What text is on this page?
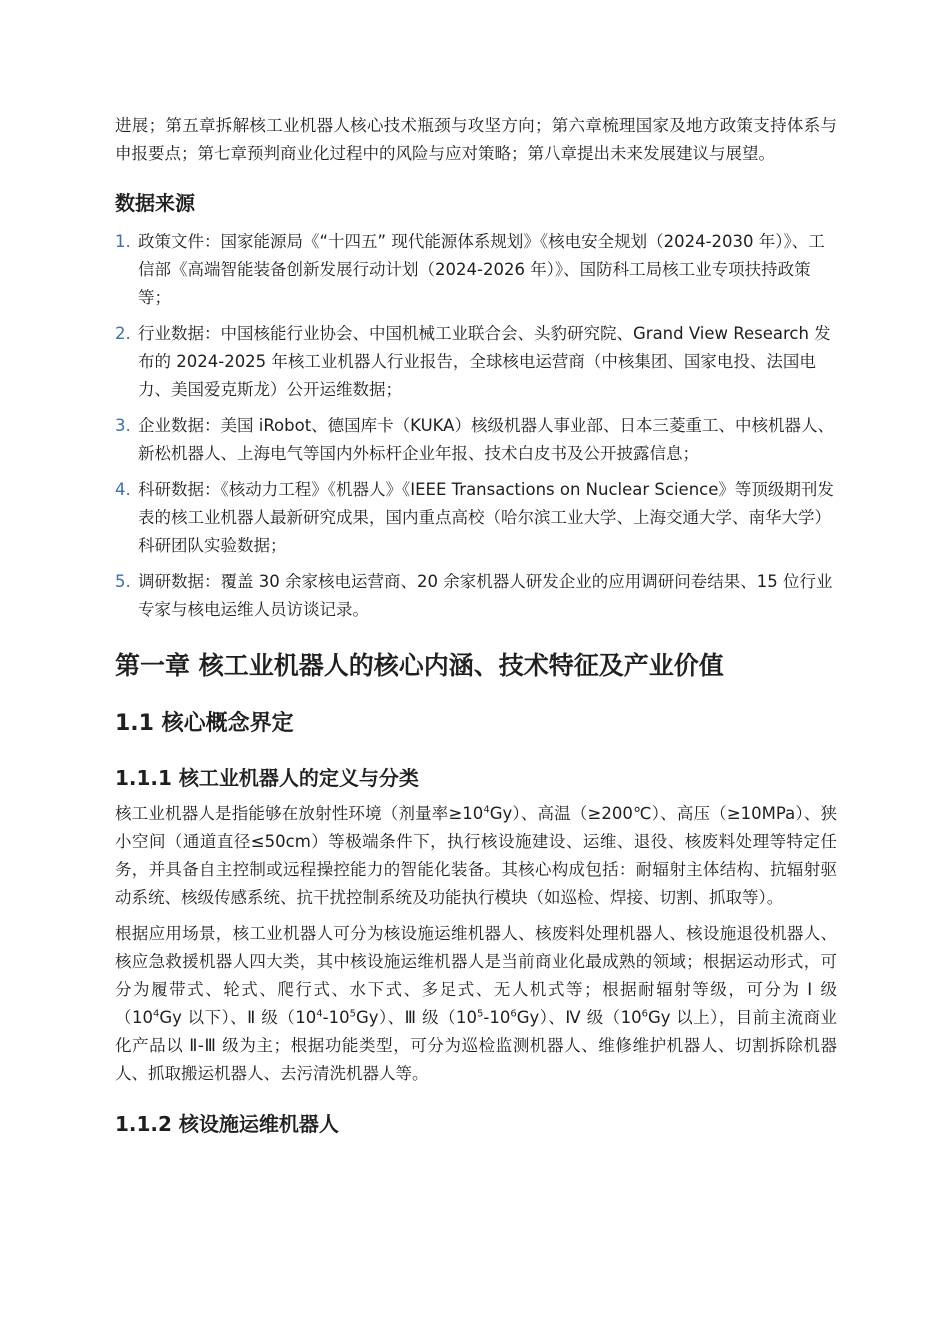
进展；第五章拆解核工业机器人核心技术瓶颈与攻坚方向；第六章梳理国家及地方政策支持体系与申报要点；第七章预判商业化过程中的风险与应对策略；第八章提出未来发展建议与展望。

数据来源
1. 政策文件：国家能源局《“十四五” 现代能源体系规划》《核电安全规划（2024-2030 年）》、工信部《高端智能装备创新发展行动计划（2024-2026 年）》、国防科工局核工业专项扶持政策等；
2. 行业数据：中国核能行业协会、中国机械工业联合会、头豹研究院、Grand View Research 发布的 2024-2025 年核工业机器人行业报告，全球核电运营商（中核集团、国家电投、法国电力、美国爱克斯龙）公开运维数据；
3. 企业数据：美国 iRobot、德国库卡（KUKA）核级机器人事业部、日本三菱重工、中核机器人、新松机器人、上海电气等国内外标杆企业年报、技术白皮书及公开披露信息；
4. 科研数据：《核动力工程》《机器人》《IEEE Transactions on Nuclear Science》等顶级期刊发表的核工业机器人最新研究成果，国内重点高校（哈尔滨工业大学、上海交通大学、南华大学）科研团队实验数据；
5. 调研数据：覆盖 30 余家核电运营商、20 余家机器人研发企业的应用调研问卷结果、15 位行业专家与核电运维人员访谈记录。
第一章 核工业机器人的核心内涵、技术特征及产业价值
1.1 核心概念界定
1.1.1 核工业机器人的定义与分类

核工业机器人是指能够在放射性环境（剂量率$\ge 10^4Gy$）、高温（≥200℃）、高压（≥10MPa）、狭小空间（通道直径≤50cm）等极端条件下，执行核设施建设、运维、退役、核废料处理等特定任务，并具备自主控制或远程操控能力的智能化装备。其核心构成包括：耐辐射主体结构、抗辐射驱动系统、核级传感系统、抗干扰控制系统及功能执行模块（如巡检、焊接、切割、抓取等）。

根据应用场景，核工业机器人可分为核设施运维机器人、核废料处理机器人、核设施退役机器人、核应急救援机器人四大类，其中核设施运维机器人是当前商业化最成熟的领域；根据运动形式，可分为履带式、轮式、爬行式、水下式、多足式、无人机式等；根据耐辐射等级，可分为 Ⅰ 级（$10^4Gy$ 以下）、Ⅱ 级$(10^4-10^5Gy)$、Ⅲ 级$(10^5-10^6Gy)$、Ⅳ 级（$10^6Gy$ 以上），目前主流商业化产品以 Ⅱ-Ⅲ 级为主；根据功能类型，可分为巡检监测机器人、维修维护机器人、切割拆除机器人、抓取搬运机器人、去污清洗机器人等。

1.1.2 核设施运维机器人
